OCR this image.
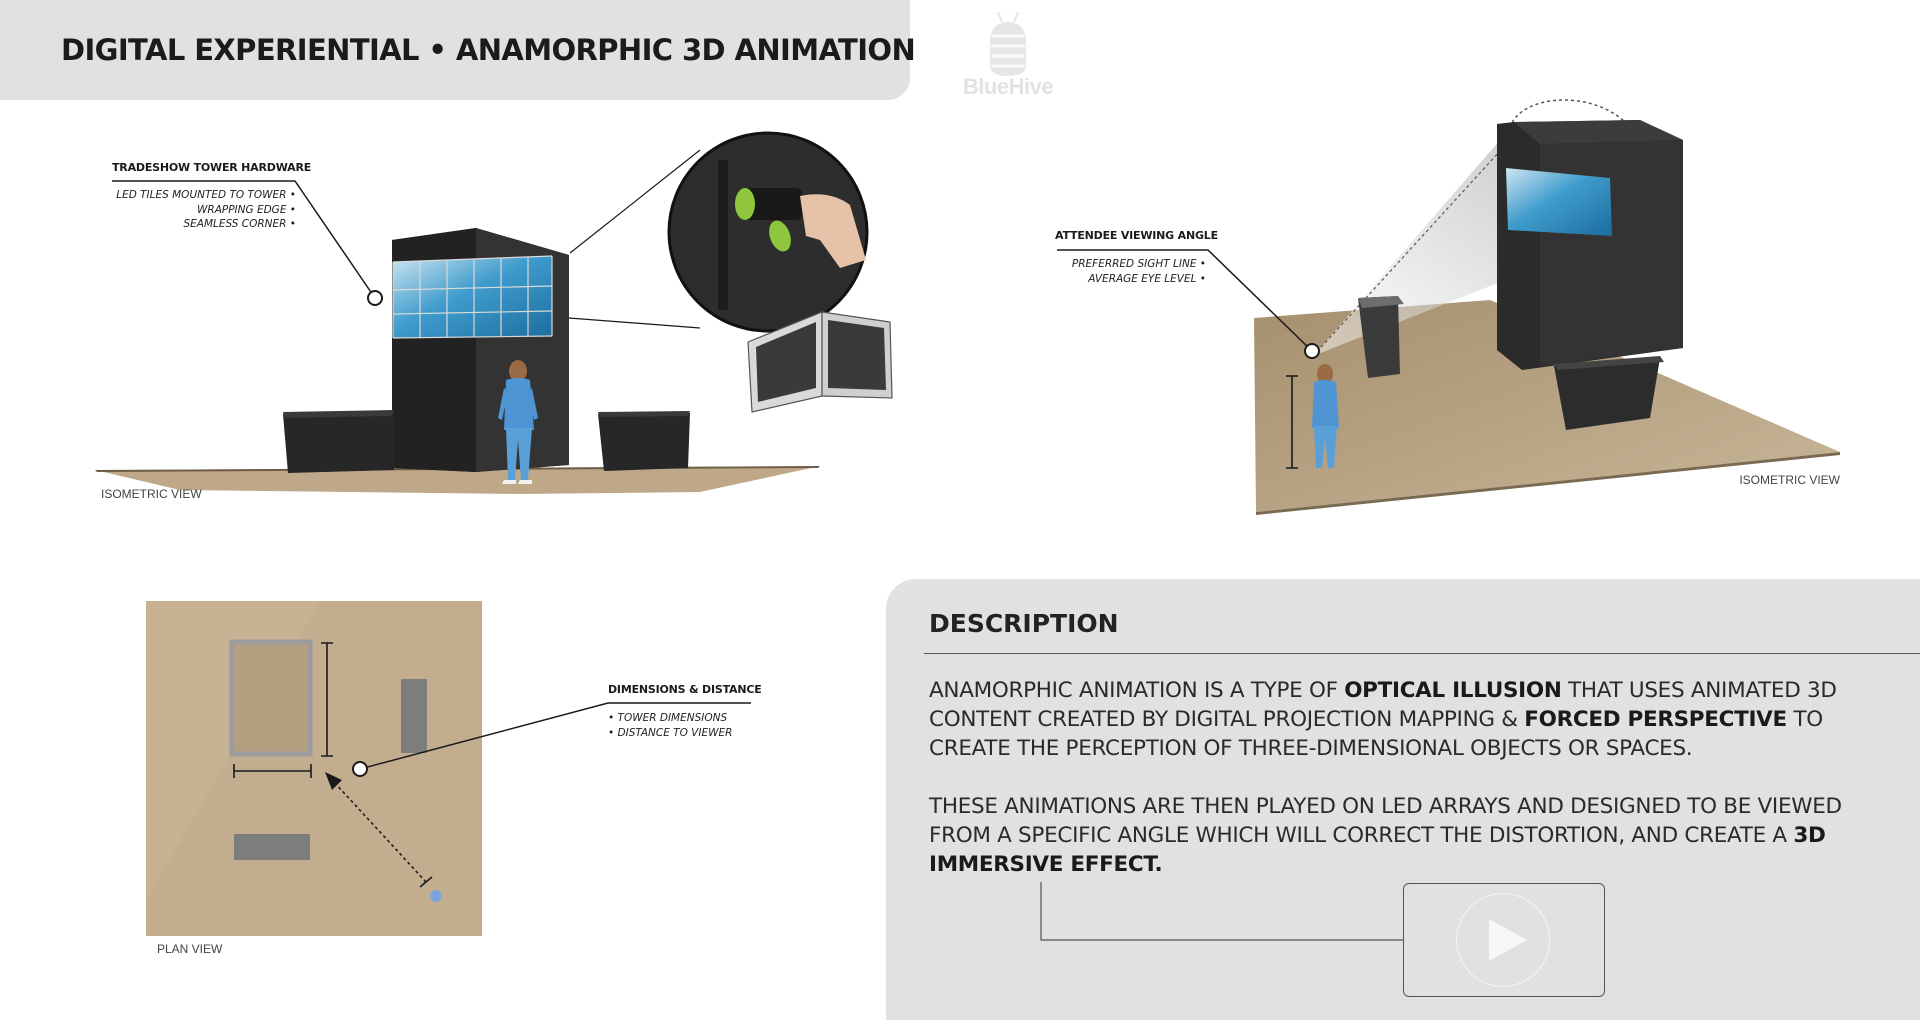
DIGITAL EXPERIENTIAL • ANAMORPHIC 3D ANIMATION
BlueHive
TRADESHOW TOWER HARDWARE
LED TILES MOUNTED TO TOWER •
WRAPPING EDGE •
SEAMLESS CORNER •
ATTENDEE VIEWING ANGLE
PREFERRED SIGHT LINE •
AVERAGE EYE LEVEL •
DIMENSIONS & DISTANCE
• TOWER DIMENSIONS
• DISTANCE TO VIEWER
ISOMETRIC VIEW
ISOMETRIC VIEW
PLAN VIEW
DESCRIPTION
ANAMORPHIC ANIMATION IS A TYPE OF OPTICAL ILLUSION THAT USES ANIMATED 3D CONTENT CREATED BY DIGITAL PROJECTION MAPPING & FORCED PERSPECTIVE TO CREATE THE PERCEPTION OF THREE-DIMENSIONAL OBJECTS OR SPACES.
THESE ANIMATIONS ARE THEN PLAYED ON LED ARRAYS AND DESIGNED TO BE VIEWED FROM A SPECIFIC ANGLE WHICH WILL CORRECT THE DISTORTION, AND CREATE A 3D IMMERSIVE EFFECT.
